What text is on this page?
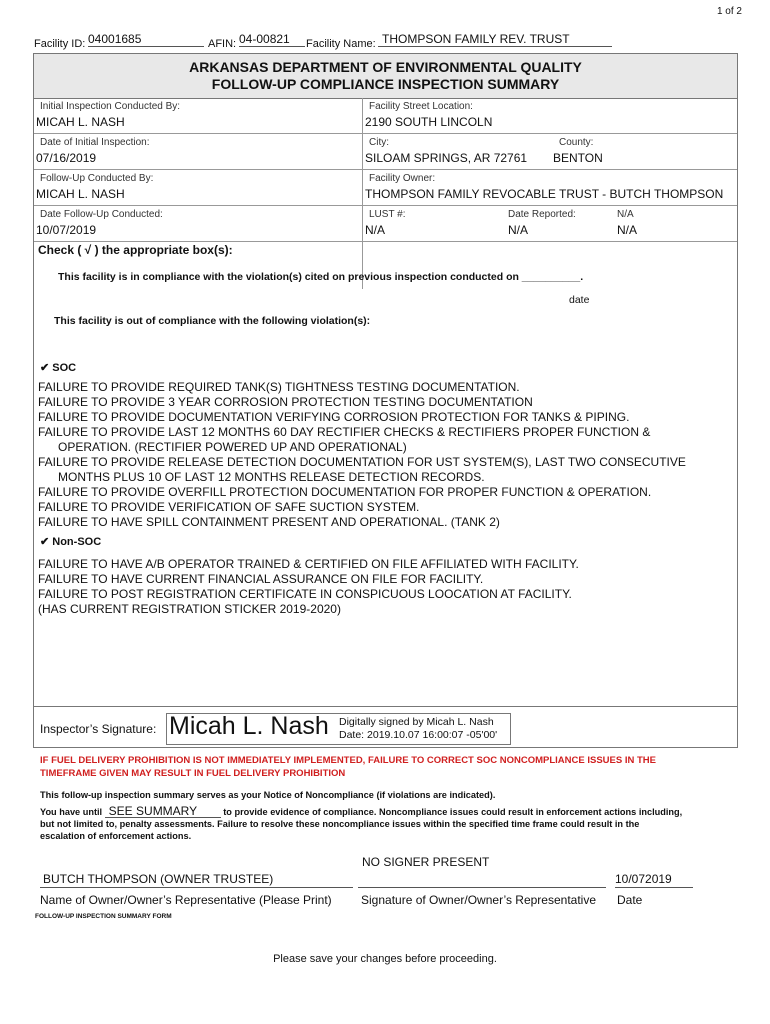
1 of 2
Facility ID: 04001685	AFIN: 04-00821	Facility Name: THOMPSON FAMILY REV. TRUST
ARKANSAS DEPARTMENT OF ENVIRONMENTAL QUALITY
FOLLOW-UP COMPLIANCE INSPECTION SUMMARY
Initial Inspection Conducted By:
MICAH L. NASH
Facility Street Location:
2190 SOUTH LINCOLN
Date of Initial Inspection:
07/16/2019
City:
SILOAM SPRINGS, AR 72761
County:
BENTON
Follow-Up Conducted By:
MICAH L. NASH
Facility Owner:
THOMPSON FAMILY REVOCABLE TRUST - BUTCH THOMPSON
Date Follow-Up Conducted:
10/07/2019
LUST #:
N/A
Date Reported:
N/A
N/A
N/A
Check ( √ ) the appropriate box(s):
This facility is in compliance with the violation(s) cited on previous inspection conducted on __________.
date
This facility is out of compliance with the following violation(s):
✔ SOC
FAILURE TO PROVIDE REQUIRED TANK(S) TIGHTNESS TESTING DOCUMENTATION.
FAILURE TO PROVIDE 3 YEAR CORROSION PROTECTION TESTING DOCUMENTATION
FAILURE TO PROVIDE DOCUMENTATION VERIFYING CORROSION PROTECTION FOR TANKS & PIPING.
FAILURE TO PROVIDE LAST 12 MONTHS 60 DAY RECTIFIER CHECKS & RECTIFIERS PROPER FUNCTION &
OPERATION. (RECTIFIER POWERED UP AND OPERATIONAL)
FAILURE TO PROVIDE RELEASE DETECTION DOCUMENTATION FOR UST SYSTEM(S), LAST TWO CONSECUTIVE
MONTHS PLUS 10 OF LAST 12 MONTHS RELEASE DETECTION RECORDS.
FAILURE TO PROVIDE OVERFILL PROTECTION DOCUMENTATION FOR PROPER FUNCTION & OPERATION.
FAILURE TO PROVIDE VERIFICATION OF SAFE SUCTION SYSTEM.
FAILURE TO HAVE SPILL CONTAINMENT PRESENT AND OPERATIONAL. (TANK 2)
✔ Non-SOC
FAILURE TO HAVE A/B OPERATOR TRAINED & CERTIFIED ON FILE AFFILIATED WITH FACILITY.
FAILURE TO HAVE CURRENT FINANCIAL ASSURANCE ON FILE FOR FACILITY.
FAILURE TO POST REGISTRATION CERTIFICATE IN CONSPICUOUS LOOCATION AT FACILITY.
(HAS CURRENT REGISTRATION STICKER 2019-2020)
Inspector’s Signature: Micah L. Nash Digitally signed by Micah L. Nash
Date: 2019.10.07 16:00:07 -05'00'
IF FUEL DELIVERY PROHIBITION IS NOT IMMEDIATELY IMPLEMENTED, FAILURE TO CORRECT SOC NONCOMPLIANCE ISSUES IN THE
TIMEFRAME GIVEN MAY RESULT IN FUEL DELIVERY PROHIBITION
This follow-up inspection summary serves as your Notice of Noncompliance (if violations are indicated).
You have until SEE SUMMARY	to provide evidence of compliance. Noncompliance issues could result in enforcement actions including,
but not limited to, penalty assessments. Failure to resolve these noncompliance issues within the specified time frame could result in the
escalation of enforcement actions.
NO SIGNER PRESENT
BUTCH THOMPSON (OWNER TRUSTEE)	10/072019
Name of Owner/Owner’s Representative (Please Print) Signature of Owner/Owner’s Representative Date
FOLLOW-UP INSPECTION SUMMARY FORM
Please save your changes before proceeding.
